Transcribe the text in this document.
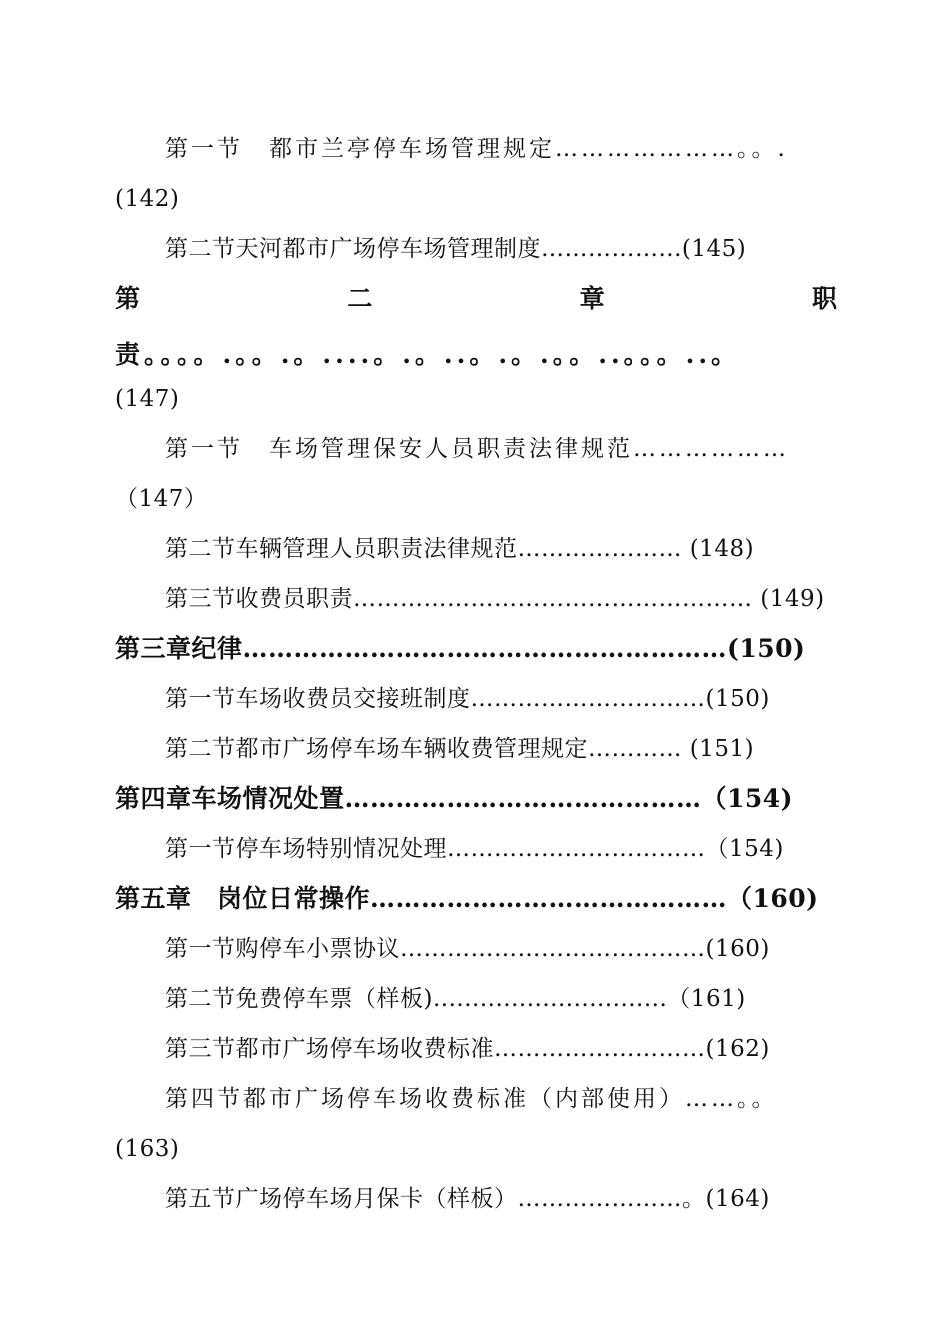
第一节　都市兰亭停车场管理规定…………………。。.
(142)
第二节天河都市广场停车场管理制度……………...(145)
第	二	章	职
责。。。。.。。.。....。.。..。.。.。。..。。。..。
(147)
第一节　车场管理保安人员职责法律规范………………
（147）
第二节车辆管理人员职责法律规范………………… (148)
第三节收费员职责…………………………………………… (149)
第三章纪律…………………………………………………(150)
第一节车场收费员交接班制度…………………………(150)
第二节都市广场停车场车辆收费管理规定………… (151)
第四章车场情况处置……………………………………（154)
第一节停车场特别情况处理……………………………（154)
第五章　岗位日常操作……………………………………（160)
第一节购停车小票协议…………………………………(160)
第二节免费停车票（样板)..............................（161)
第三节都市广场停车场收费标准………………………(162)
第四节都市广场停车场收费标准（内部使用）……。。
(163)
第五节广场停车场月保卡（样板）…………………。(164)
